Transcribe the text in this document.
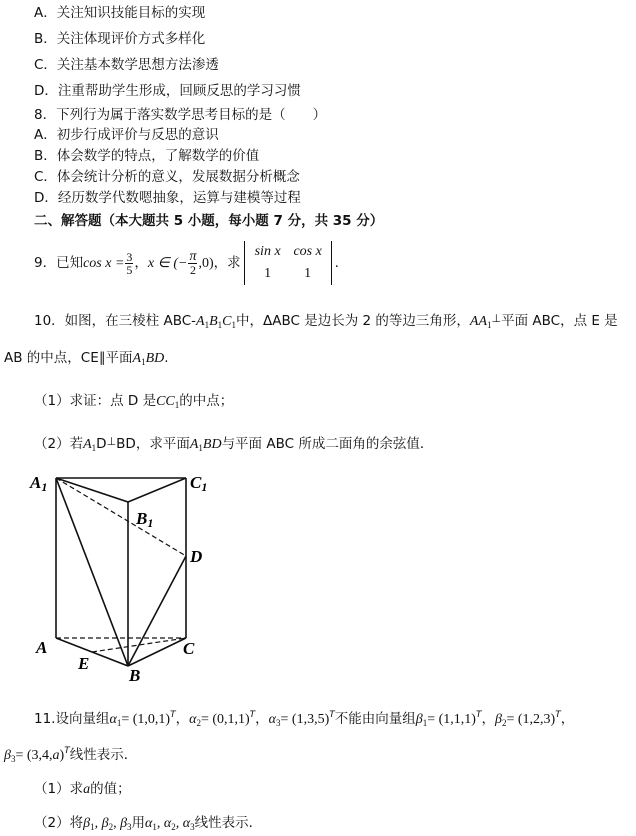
A．关注知识技能目标的实现
B．关注体现评价方式多样化
C．关注基本数学思想方法渗透
D．注重帮助学生形成，回顾反思的学习习惯
8．下列行为属于落实数学思考目标的是（　　）
A．初步行成评价与反思的意识
B．体会数学的特点，了解数学的价值
C．体会统计分析的意义，发展数据分析概念
D．经历数学代数嗯抽象，运算与建模等过程
二、解答题（本大题共 5 小题，每小题 7 分，共 35 分）
9．已知$\cos x = \frac{3}{5}$ ，x ∈ (− $\frac{\pi}{2} ,0$)，求
sin x cos x
1 1
.
10．如图，在三棱柱 ABC-$A_1B_1C_1$中，ΔABC 是边长为 2 的等边三角形，$AA_1^\perp$平面 ABC，点 E 是
AB 的中点，CE∥平面$A_1BD$.
（1）求证：点 D 是$CC_1$的中点；
（2）若$A_1D^\perp BD$，求平面$A_1BD$与平面 ABC 所成二面角的余弦值．
A1	C1
B1
D
A
E
B
C
11.设向量组$\alpha_1= (1,0,1)^T$，$\alpha_2= (0,1,1)^T$，$\alpha_3= (1,3,5)^T$不能由向量组$\beta_1= (1,1,1)^T$，$\beta_2= (1,2,3)^T$，
$\beta_3= (3,4,a)^T$线性表示．
（1）求a的值；
（2）将$\beta_1$, $\beta_2$, $\beta_3$用$\alpha_1$, $\alpha_2$, $\alpha_3$线性表示．
